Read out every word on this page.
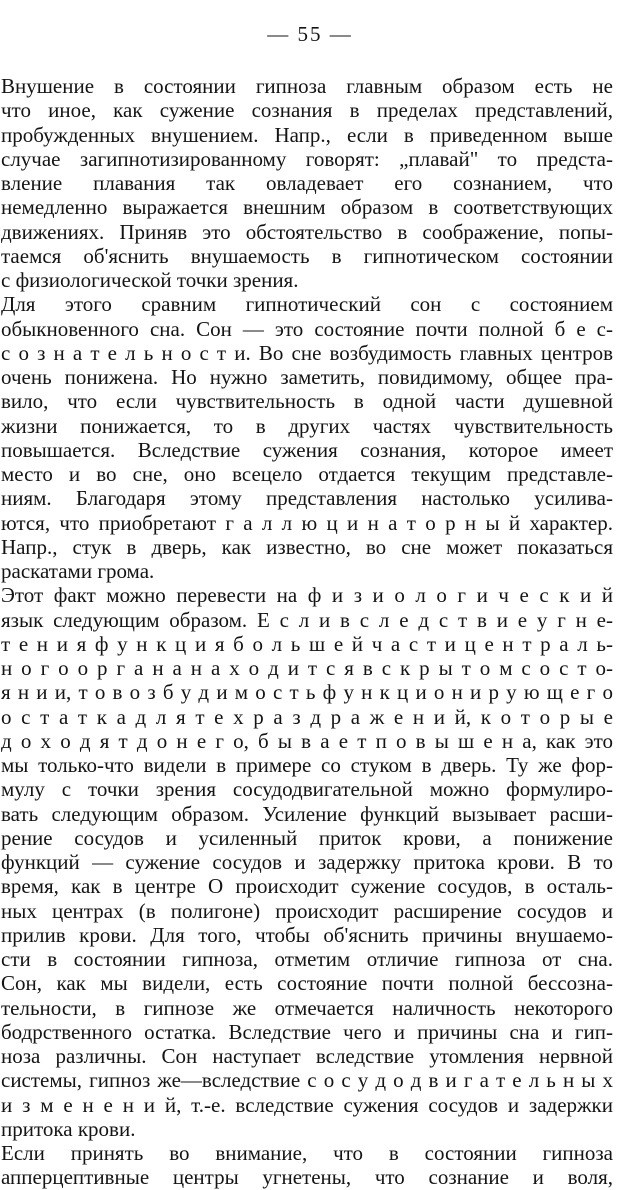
— 55 —
Внушение в состоянии гипноза главным образом есть не
что иное, как сужение сознания в пределах представлений,
пробужденных внушением. Напр., если в приведенном выше
случае загипнотизированному говорят: „плавай" то предста-
вление плавания так овладевает его сознанием, что
немедленно выражается внешним образом в соответствующих
движениях. Приняв это обстоятельство в соображение, попы-
таемся об'яснить внушаемость в гипнотическом состоянии
с физиологической точки зрения.
Для этого сравним гипнотический сон с состоянием
обыкновенного сна. Сон — это состояние почти полной б е с-
с о з н а т е л ь н о с т и. Во сне возбудимость главных центров
очень понижена. Но нужно заметить, повидимому, общее пра-
вило, что если чувствительность в одной части душевной
жизни понижается, то в других частях чувствительность
повышается. Вследствие сужения сознания, которое имеет
место и во сне, оно всецело отдается текущим представле-
ниям. Благодаря этому представления настолько усилива-
ются, что приобретают г а л л ю ц и н а т о р н ы й характер.
Напр., стук в дверь, как известно, во сне может показаться
раскатами грома.
Этот факт можно перевести на ф и з и о л о г и ч е с к и й
язык следующим образом. Е с л и в с л е д с т в и е у г н е-
т е н и я ф у н к ц и я б о л ь ш е й ч а с т и ц е н т р а л ь-
н о г о о р г а н а н а х о д и т с я в с к р ы т о м с о с т о-
я н и и, т о в о з б у д и м о с т ь ф у н к ц и о н и р у ю щ е г о
о с т а т к а д л я т е х р а з д р а ж е н и й, к о т о р ы е
д о х о д я т д о н е г о, б ы в а е т п о в ы ш е н а, как это
мы только-что видели в примере со стуком в дверь. Ту же фор-
мулу с точки зрения сосудодвигательной можно формулиро-
вать следующим образом. Усиление функций вызывает расши-
рение сосудов и усиленный приток крови, а понижение
функций — сужение сосудов и задержку притока крови. В то
время, как в центре О происходит сужение сосудов, в осталь-
ных центрах (в полигоне) происходит расширение сосудов и
прилив крови. Для того, чтобы об'яснить причины внушаемо-
сти в состоянии гипноза, отметим отличие гипноза от сна.
Сон, как мы видели, есть состояние почти полной бессозна-
тельности, в гипнозе же отмечается наличность некоторого
бодрственного остатка. Вследствие чего и причины сна и гип-
ноза различны. Сон наступает вследствие утомления нервной
системы, гипноз же—вследствие с о с у д о д в и г а т е л ь н ы х
и з м е н е н и й, т.-е. вследствие сужения сосудов и задержки
притока крови.
Если принять во внимание, что в состоянии гипноза
апперцептивные центры угнетены, что сознание и воля,
